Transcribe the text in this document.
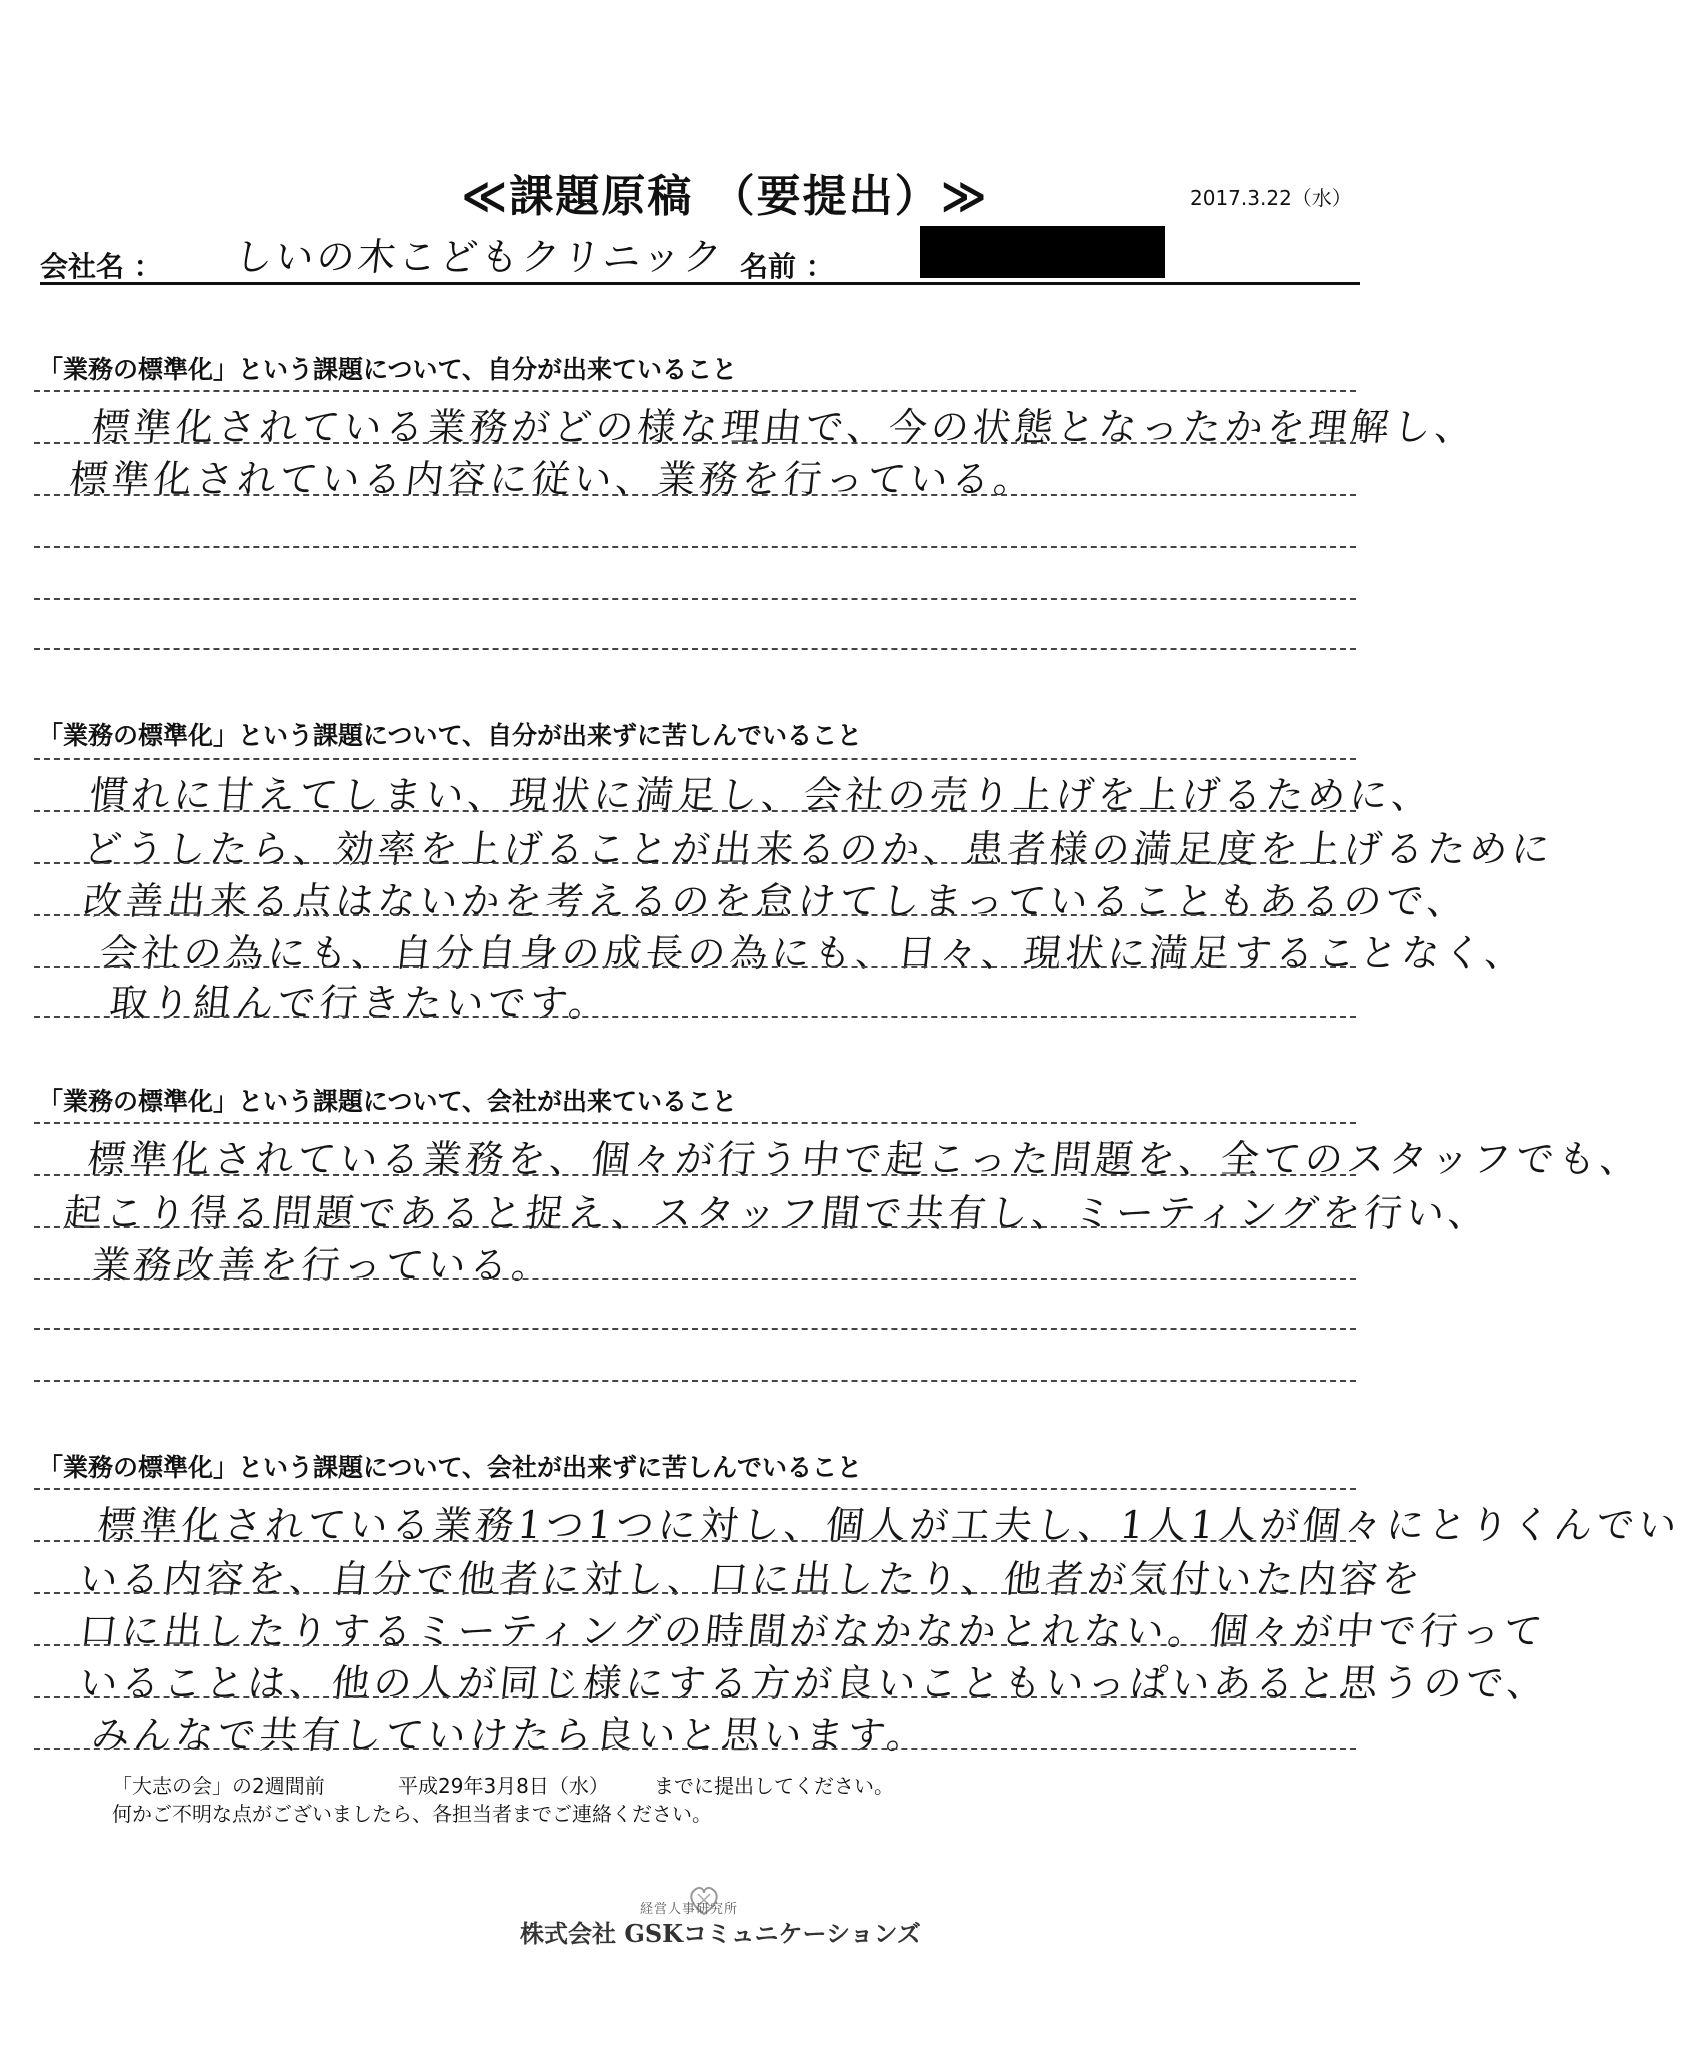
≪課題原稿 （要提出）≫	2017.3.22（水）
会社名 ： しいの木こどもクリニック 名前 ：
「業務の標準化」という課題について、自分が出来ていること
標準化されている業務がどの様な理由で、今の状態となったかを理解し、
標準化されている内容に従い、業務を行っている。
「業務の標準化」という課題について、自分が出来ずに苦しんでいること
慣れに甘えてしまい、現状に満足し、会社の売り上げを上げるために、
どうしたら、効率を上げることが出来るのか、患者様の満足度を上げるために
改善出来る点はないかを考えるのを怠けてしまっていることもあるので、
会社の為にも、自分自身の成長の為にも、日々、現状に満足することなく、
取り組んで行きたいです。
「業務の標準化」という課題について、会社が出来ていること
標準化されている業務を、個々が行う中で起こった問題を、全てのスタッフでも、
起こり得る問題であると捉え、スタッフ間で共有し、ミーティングを行い、
業務改善を行っている。
「業務の標準化」という課題について、会社が出来ずに苦しんでいること
標準化されている業務1つ1つに対し、個人が工夫し、1人1人が個々にとりくんでい
いる内容を、自分で他者に対し、口に出したり、他者が気付いた内容を
口に出したりするミーティングの時間がなかなかとれない。個々が中で行って
いることは、他の人が同じ様にする方が良いこともいっぱいあると思うので、
みんなで共有していけたら良いと思います。
「大志の会」の2週間前	平成29年3月8日（水） までに提出してください。
何かご不明な点がございましたら、各担当者までご連絡ください。
経営人事研究所
株式会社 GSKコミュニケーションズ
